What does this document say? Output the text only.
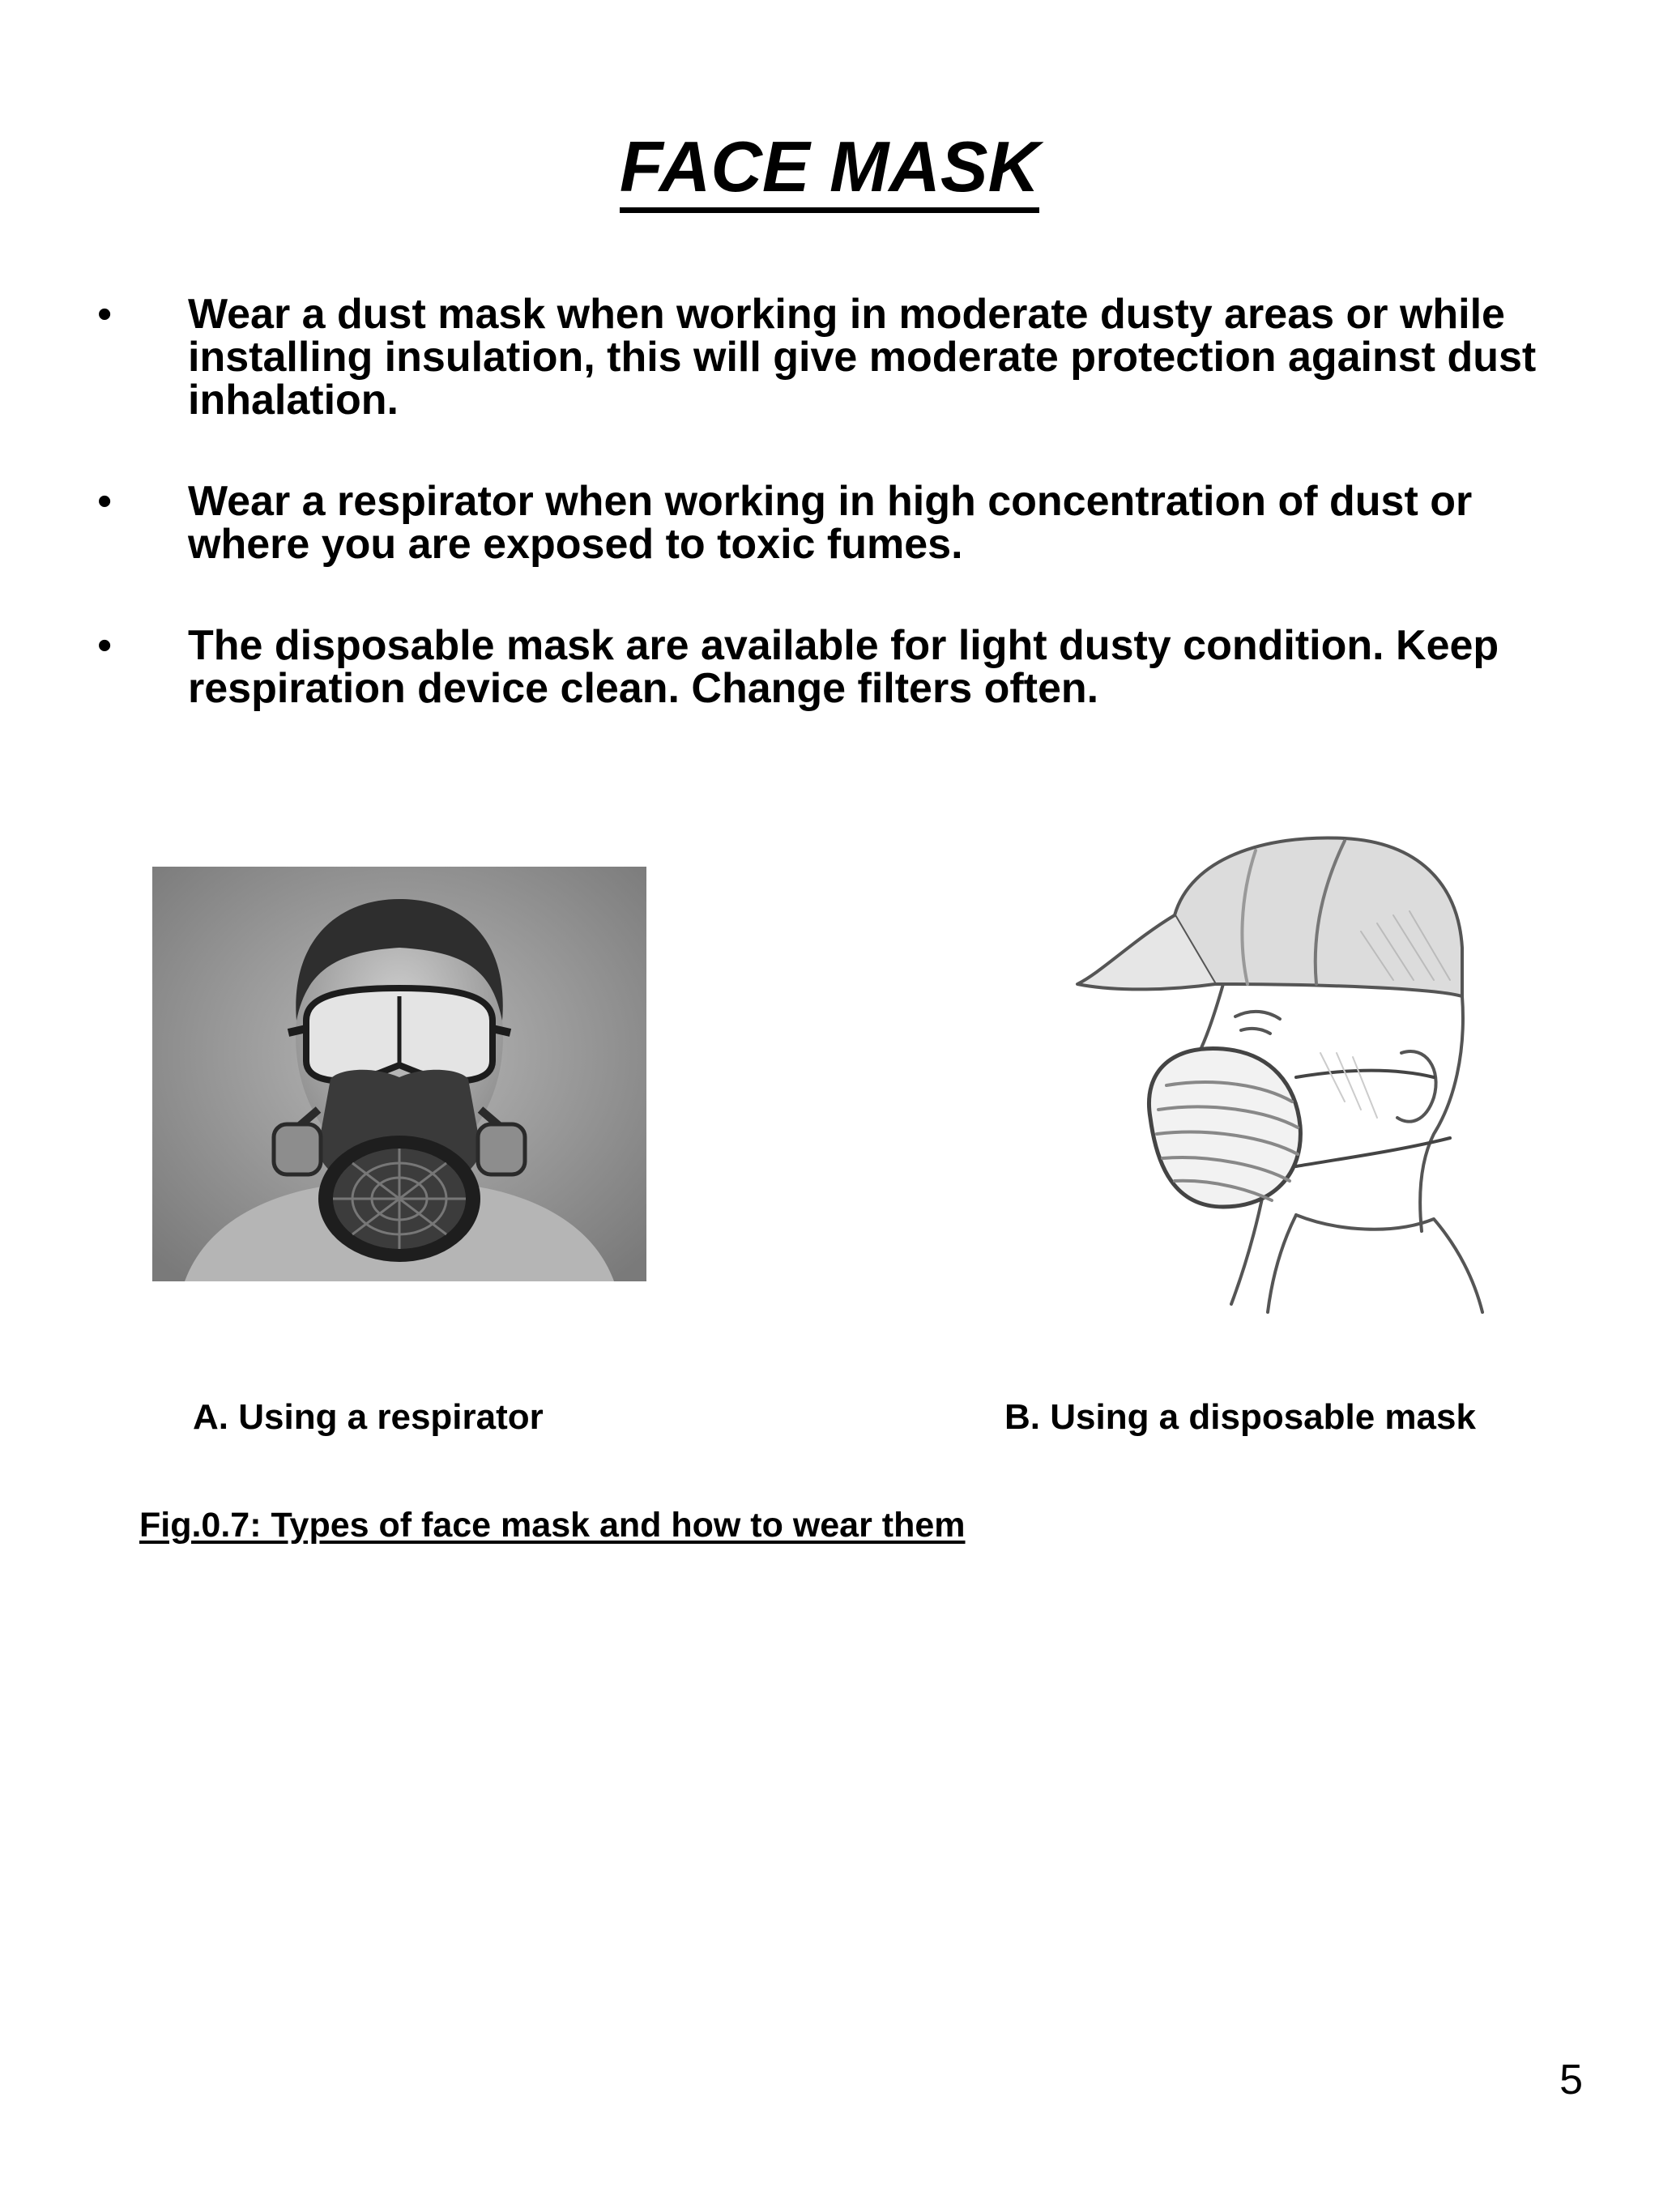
FACE MASK
• Wear a dust mask when working in moderate dusty areas or while installing insulation, this will give moderate protection against dust inhalation.
• Wear a respirator when working in high concentration of dust or where you are exposed to toxic fumes.
• The disposable mask are available for light dusty condition. Keep respiration device clean. Change filters often.
A. Using a respirator	B. Using a disposable mask
Fig.0.7: Types of face mask and how to wear them
5
